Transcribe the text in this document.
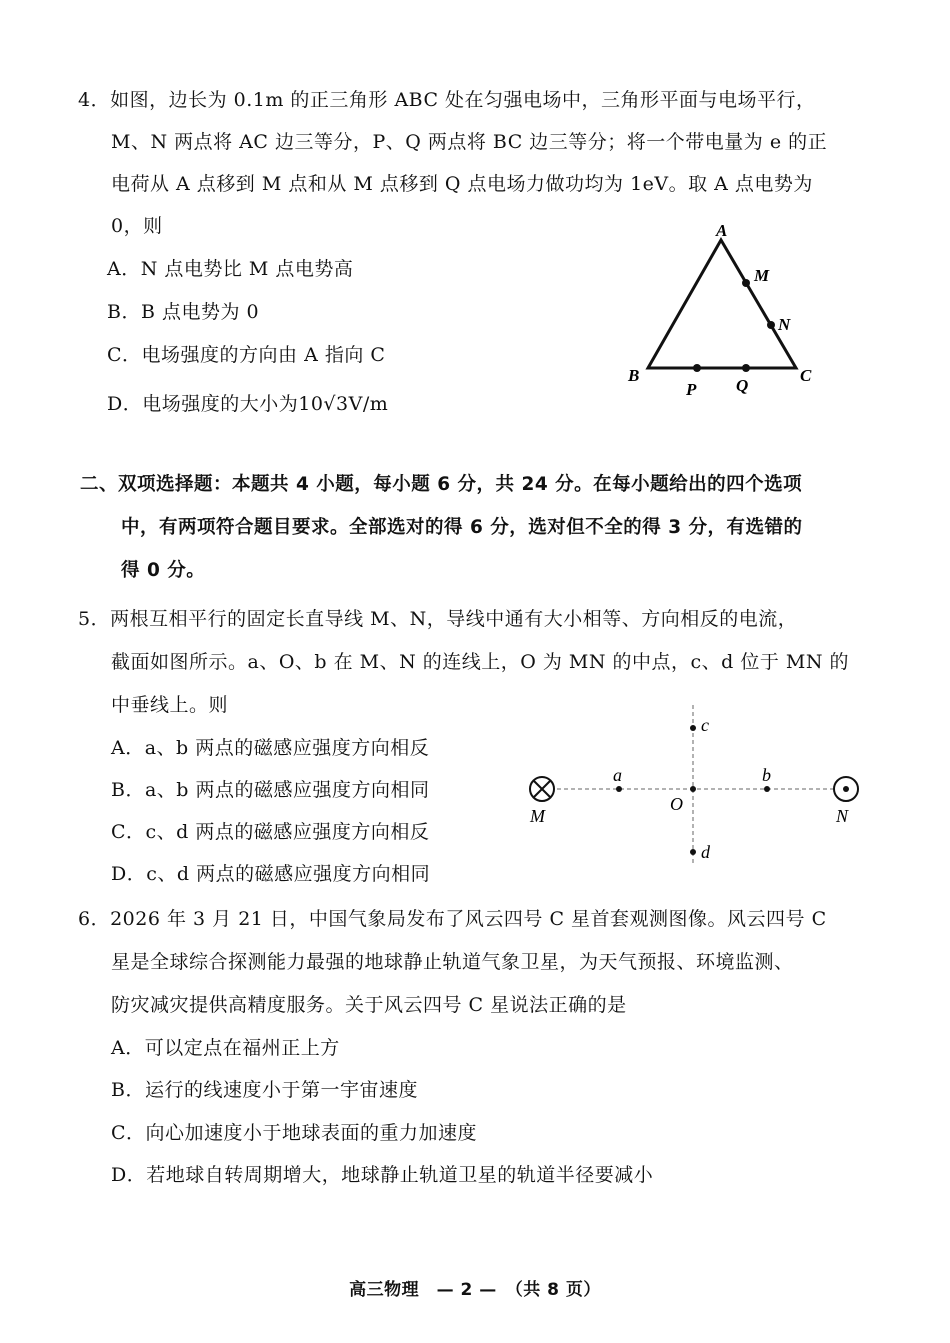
4．如图，边长为 0.1m 的正三角形 ABC 处在匀强电场中，三角形平面与电场平行，
M、N 两点将 AC 边三等分，P、Q 两点将 BC 边三等分；将一个带电量为 e 的正
电荷从 A 点移到 M 点和从 M 点移到 Q 点电场力做功均为 1eV。取 A 点电势为
0，则
A．N 点电势比 M 点电势高
B．B 点电势为 0
C．电场强度的方向由 A 指向 C
D．电场强度的大小为10√3V/m
A
M
N
B	C
P Q
二、双项选择题：本题共 4 小题，每小题 6 分，共 24 分。在每小题给出的四个选项
中，有两项符合题目要求。全部选对的得 6 分，选对但不全的得 3 分，有选错的
得 0 分。
5．两根互相平行的固定长直导线 M、N，导线中通有大小相等、方向相反的电流，
截面如图所示。a、O、b 在 M、N 的连线上，O 为 MN 的中点，c、d 位于 MN 的
中垂线上。则
A．a、b 两点的磁感应强度方向相反
B．a、b 两点的磁感应强度方向相同
C．c、d 两点的磁感应强度方向相反
D．c、d 两点的磁感应强度方向相同
a	b
O
c
d
M	N
6．2026 年 3 月 21 日，中国气象局发布了风云四号 C 星首套观测图像。风云四号 C
星是全球综合探测能力最强的地球静止轨道气象卫星，为天气预报、环境监测、
防灾减灾提供高精度服务。关于风云四号 C 星说法正确的是
A．可以定点在福州正上方
B．运行的线速度小于第一宇宙速度
C．向心加速度小于地球表面的重力加速度
D．若地球自转周期增大，地球静止轨道卫星的轨道半径要减小
高三物理　— 2 —　（共 8 页）
